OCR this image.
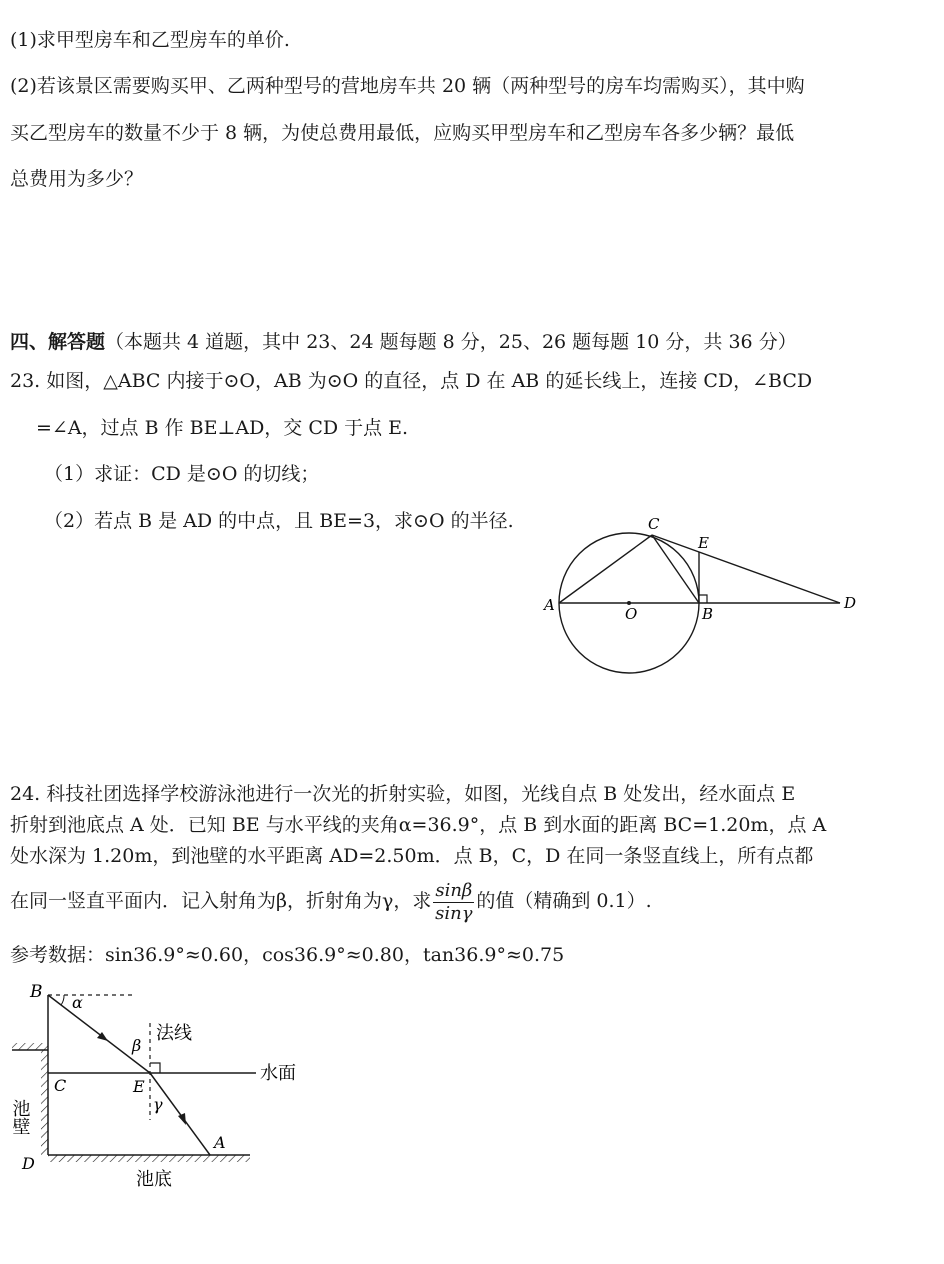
(1)求甲型房车和乙型房车的单价.
(2)若该景区需要购买甲、乙两种型号的营地房车共 20 辆（两种型号的房车均需购买），其中购
买乙型房车的数量不少于 8 辆，为使总费用最低，应购买甲型房车和乙型房车各多少辆？最低
总费用为多少？
四、解答题（本题共 4 道题，其中 23、24 题每题 8 分，25、26 题每题 10 分，共 36 分）
23. 如图，△ABC 内接于⊙O，AB 为⊙O 的直径，点 D 在 AB 的延长线上，连接 CD，∠BCD
=∠A，过点 B 作 BE⊥AD，交 CD 于点 E.
（1）求证：CD 是⊙O 的切线；
（2）若点 B 是 AD 的中点，且 BE=3，求⊙O 的半径.
A	O	B
C
E
D
24. 科技社团选择学校游泳池进行一次光的折射实验，如图，光线自点 B 处发出，经水面点 E
折射到池底点 A 处．已知 BE 与水平线的夹角α=36.9°，点 B 到水面的距离 BC=1.20m，点 A
处水深为 1.20m，到池壁的水平距离 AD=2.50m．点 B，C，D 在同一条竖直线上，所有点都
在同一竖直平面内．记入射角为β，折射角为γ，求 $\frac{\sin\beta}{\sin\gamma}$ 的值（精确到 0.1）.
参考数据：sin36.9°≈0.60，cos36.9°≈0.80，tan36.9°≈0.75
B
α
β
法线
水面
C	E
γ
池壁
D
A
池底
